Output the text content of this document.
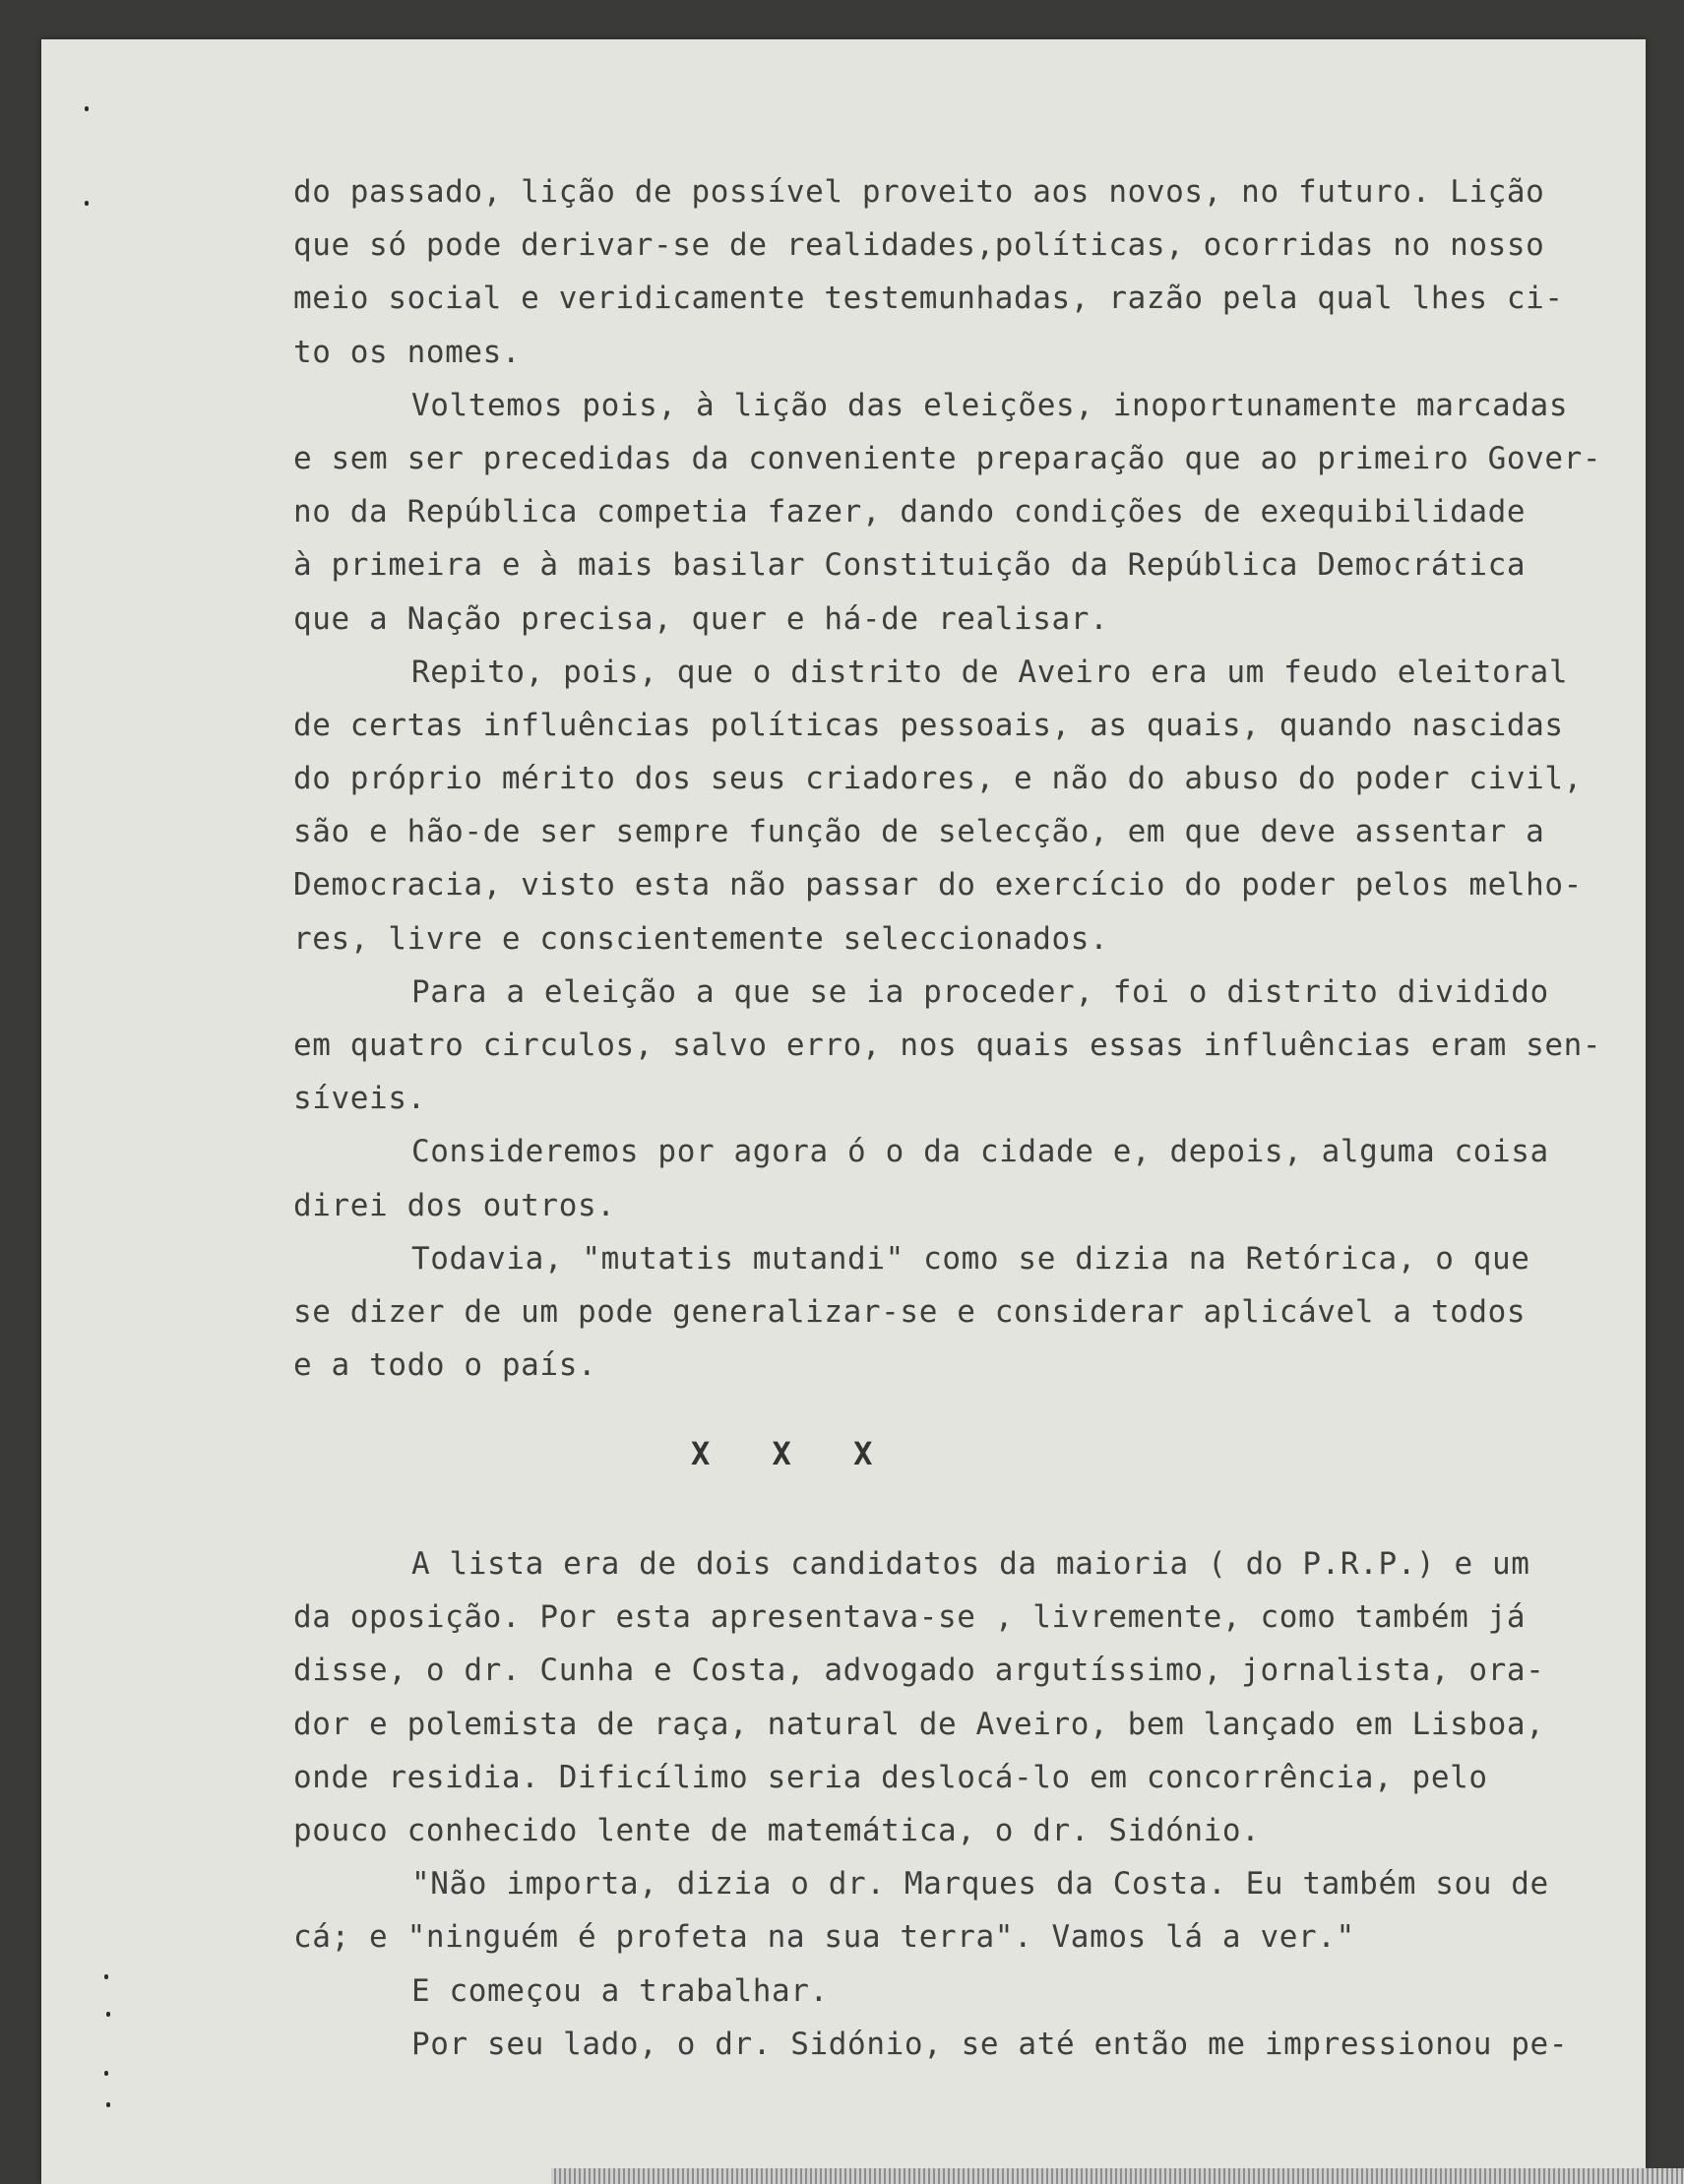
do passado, lição de possível proveito aos novos, no futuro. Lição
que só pode derivar-se de realidades,políticas, ocorridas no nosso
meio social e veridicamente testemunhadas, razão pela qual lhes ci-
to os nomes.
Voltemos pois, à lição das eleições, inoportunamente marcadas
e sem ser precedidas da conveniente preparação que ao primeiro Gover-
no da República competia fazer, dando condições de exequibilidade
à primeira e à mais basilar Constituição da República Democrática
que a Nação precisa, quer e há-de realisar.
Repito, pois, que o distrito de Aveiro era um feudo eleitoral
de certas influências políticas pessoais, as quais, quando nascidas
do próprio mérito dos seus criadores, e não do abuso do poder civil,
são e hão-de ser sempre função de selecção, em que deve assentar a
Democracia, visto esta não passar do exercício do poder pelos melho-
res, livre e conscientemente seleccionados.
Para a eleição a que se ia proceder, foi o distrito dividido
em quatro circulos, salvo erro, nos quais essas influências eram sen-
síveis.
Consideremos por agora ó o da cidade e, depois, alguma coisa
direi dos outros.
Todavia, "mutatis mutandi" como se dizia na Retórica, o que
se dizer de um pode generalizar-se e considerar aplicável a todos
e a todo o país.
X X X
A lista era de dois candidatos da maioria ( do P.R.P.) e um
da oposição. Por esta apresentava-se , livremente, como também já
disse, o dr. Cunha e Costa, advogado argutíssimo, jornalista, ora-
dor e polemista de raça, natural de Aveiro, bem lançado em Lisboa,
onde residia. Dificílimo seria deslocá-lo em concorrência, pelo
pouco conhecido lente de matemática, o dr. Sidónio.
"Não importa, dizia o dr. Marques da Costa. Eu também sou de
cá; e "ninguém é profeta na sua terra". Vamos lá a ver."
E começou a trabalhar.
Por seu lado, o dr. Sidónio, se até então me impressionou pe-
